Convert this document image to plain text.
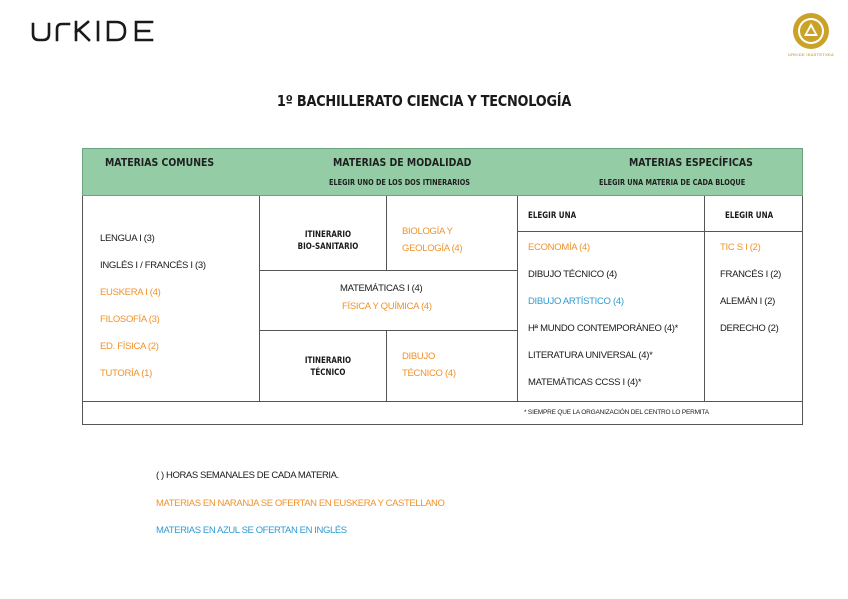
URKIDE IKASTETXEA
1º BACHILLERATO CIENCIA Y TECNOLOGÍA
MATERIAS COMUNES	MATERIAS DE MODALIDAD
ELEGIR UNO DE LOS DOS ITINERARIOS
MATERIAS ESPECÍFICAS
ELEGIR UNA MATERIA DE CADA BLOQUE
LENGUA I (3)
INGLÉS I / FRANCÉS I (3)
EUSKERA I (4)
FILOSOFÍA (3)
ED. FÍSICA (2)
TUTORÍA (1)
ITINERARIO
BIO-SANITARIO
BIOLOGÍA Y
GEOLOGÍA (4)
MATEMÁTICAS I (4)
FÍSICA Y QUÍMICA (4)
ITINERARIO
TÉCNICO
DIBUJO
TÉCNICO (4)
ELEGIR UNA
ECONOMÍA (4)
DIBUJO TÉCNICO (4)
DIBUJO ARTÍSTICO (4)
Hª MUNDO CONTEMPORÁNEO (4)*
LITERATURA UNIVERSAL (4)*
MATEMÁTICAS CCSS I (4)*
ELEGIR UNA
TIC S I (2)
FRANCÉS I (2)
ALEMÁN I (2)
DERECHO (2)
* SIEMPRE QUE LA ORGANIZACIÓN DEL CENTRO LO PERMITA
( ) HORAS SEMANALES DE CADA MATERIA.
MATERIAS EN NARANJA SE OFERTAN EN EUSKERA Y CASTELLANO
MATERIAS EN AZUL SE OFERTAN EN INGLÉS
